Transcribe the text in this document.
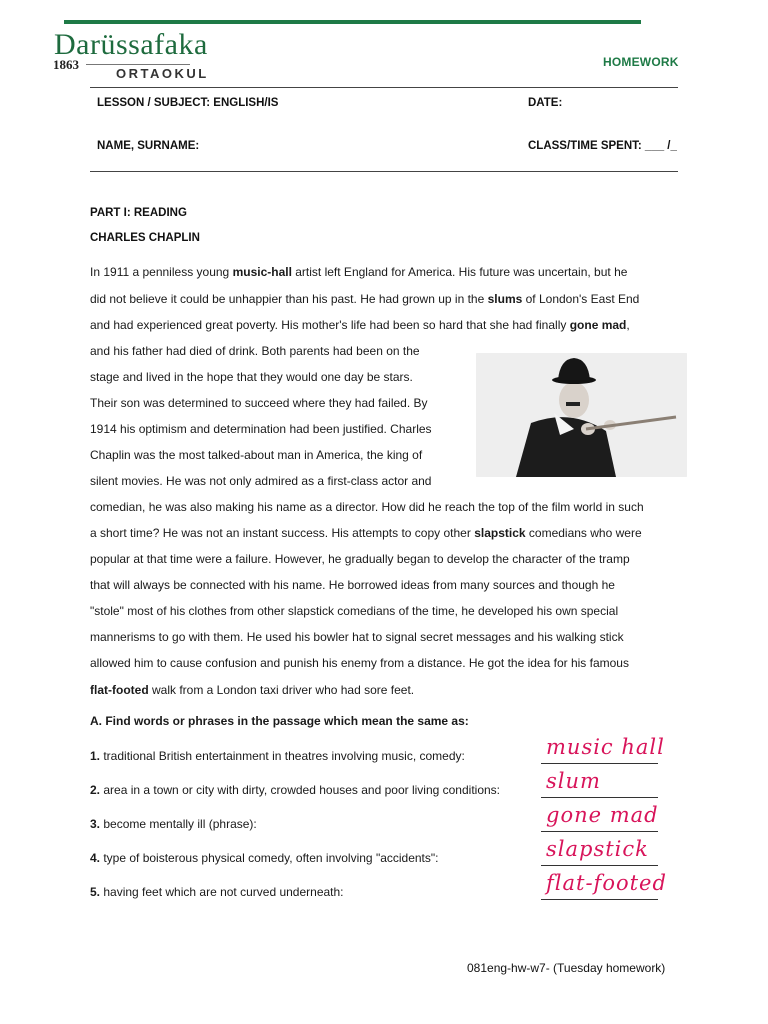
Darüssafaka
1863
ORTAOKUL
HOMEWORK
LESSON / SUBJECT: ENGLISH/IS	DATE:
NAME, SURNAME:	CLASS/TIME SPENT: ___ /_
PART I: READING
CHARLES CHAPLIN
In 1911 a penniless young music-hall artist left England for America. His future was uncertain, but he
did not believe it could be unhappier than his past. He had grown up in the slums of London's East End
and had experienced great poverty. His mother's life had been so hard that she had finally gone mad,
and his father had died of drink. Both parents had been on the
stage and lived in the hope that they would one day be stars.
Their son was determined to succeed where they had failed. By
1914 his optimism and determination had been justified. Charles
Chaplin was the most talked-about man in America, the king of
silent movies. He was not only admired as a first-class actor and
comedian, he was also making his name as a director. How did he reach the top of the film world in such
a short time? He was not an instant success. His attempts to copy other slapstick comedians who were
popular at that time were a failure. However, he gradually began to develop the character of the tramp
that will always be connected with his name. He borrowed ideas from many sources and though he
"stole" most of his clothes from other slapstick comedians of the time, he developed his own special
mannerisms to go with them. He used his bowler hat to signal secret messages and his walking stick
allowed him to cause confusion and punish his enemy from a distance. He got the idea for his famous
flat-footed walk from a London taxi driver who had sore feet.
A. Find words or phrases in the passage which mean the same as:
1. traditional British entertainment in theatres involving music, comedy:	music hall
2. area in a town or city with dirty, crowded houses and poor living conditions: slum
3. become mentally ill (phrase):	gone mad
4. type of boisterous physical comedy, often involving "accidents":	slapstick
5. having feet which are not curved underneath:	flat-footed
081eng-hw-w7- (Tuesday homework)
